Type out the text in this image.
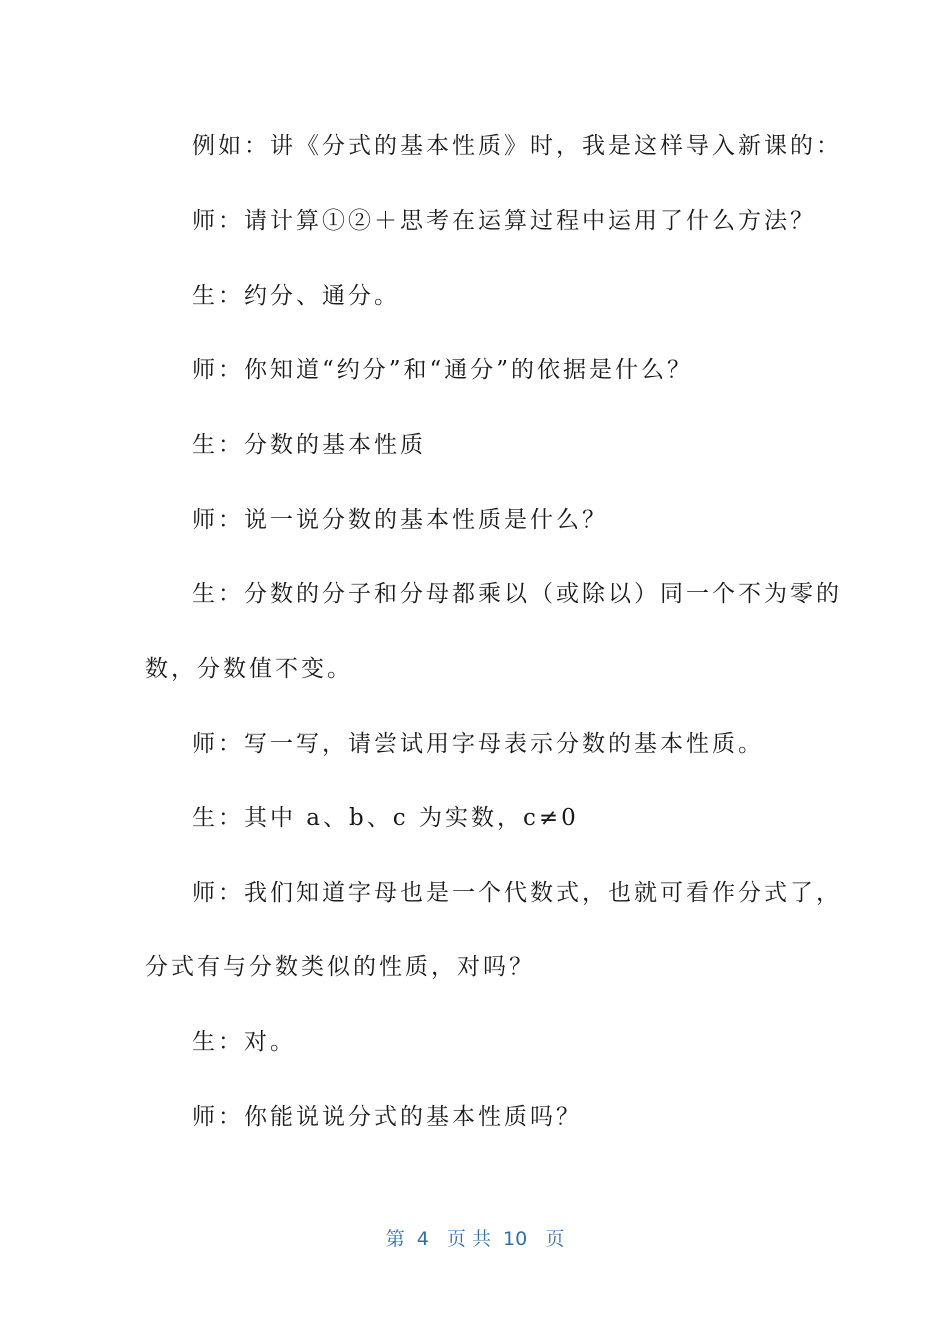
例如：讲《分式的基本性质》时，我是这样导入新课的：
师：请计算①②＋思考在运算过程中运用了什么方法？
生：约分、通分。
师：你知道“约分”和“通分”的依据是什么？
生：分数的基本性质
师：说一说分数的基本性质是什么？
生：分数的分子和分母都乘以（或除以）同一个不为零的
数，分数值不变。
师：写一写，请尝试用字母表示分数的基本性质。
生：其中 a、b、c 为实数，c≠0
师：我们知道字母也是一个代数式，也就可看作分式了，
分式有与分数类似的性质，对吗？
生：对。
师：你能说说分式的基本性质吗？
第  4   页 共  10   页
